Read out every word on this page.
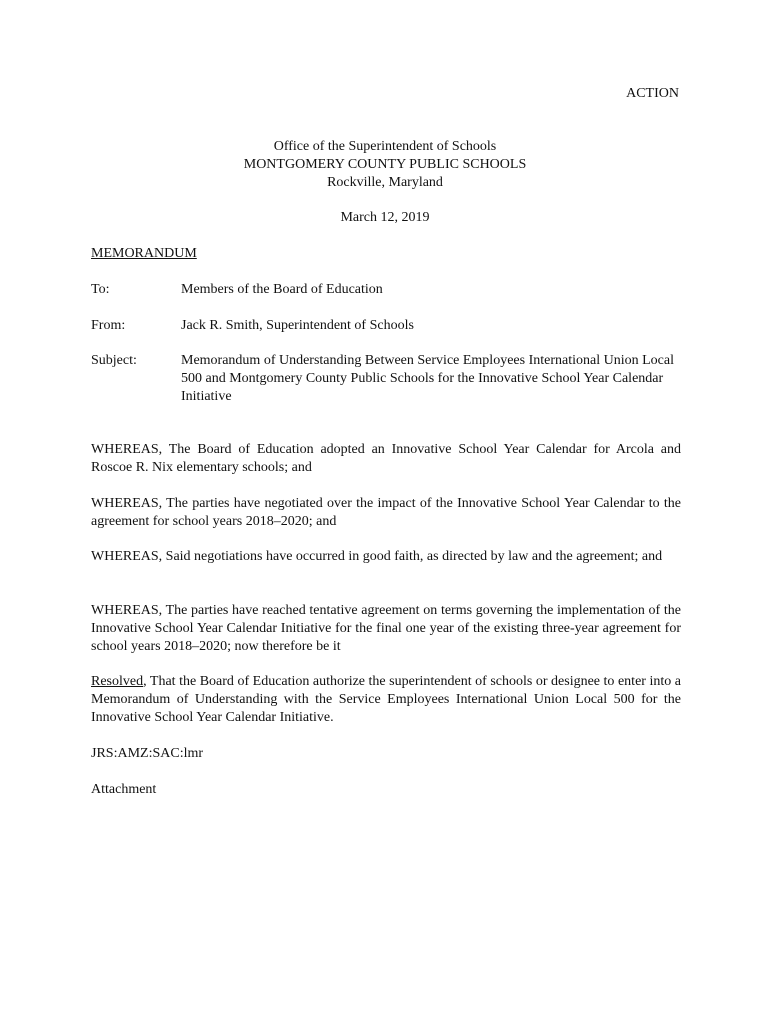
ACTION
Office of the Superintendent of Schools
MONTGOMERY COUNTY PUBLIC SCHOOLS
Rockville, Maryland
March 12, 2019
MEMORANDUM
To:	Members of the Board of Education
From:	Jack R. Smith, Superintendent of Schools
Subject:	Memorandum of Understanding Between Service Employees International Union Local 500 and Montgomery County Public Schools for the Innovative School Year Calendar Initiative
WHEREAS, The Board of Education adopted an Innovative School Year Calendar for Arcola and Roscoe R. Nix elementary schools; and
WHEREAS, The parties have negotiated over the impact of the Innovative School Year Calendar to the agreement for school years 2018–2020; and
WHEREAS, Said negotiations have occurred in good faith, as directed by law and the agreement; and
WHEREAS, The parties have reached tentative agreement on terms governing the implementation of the Innovative School Year Calendar Initiative for the final one year of the existing three-year agreement for school years 2018–2020; now therefore be it
Resolved, That the Board of Education authorize the superintendent of schools or designee to enter into a Memorandum of Understanding with the Service Employees International Union Local 500 for the Innovative School Year Calendar Initiative.
JRS:AMZ:SAC:lmr
Attachment
